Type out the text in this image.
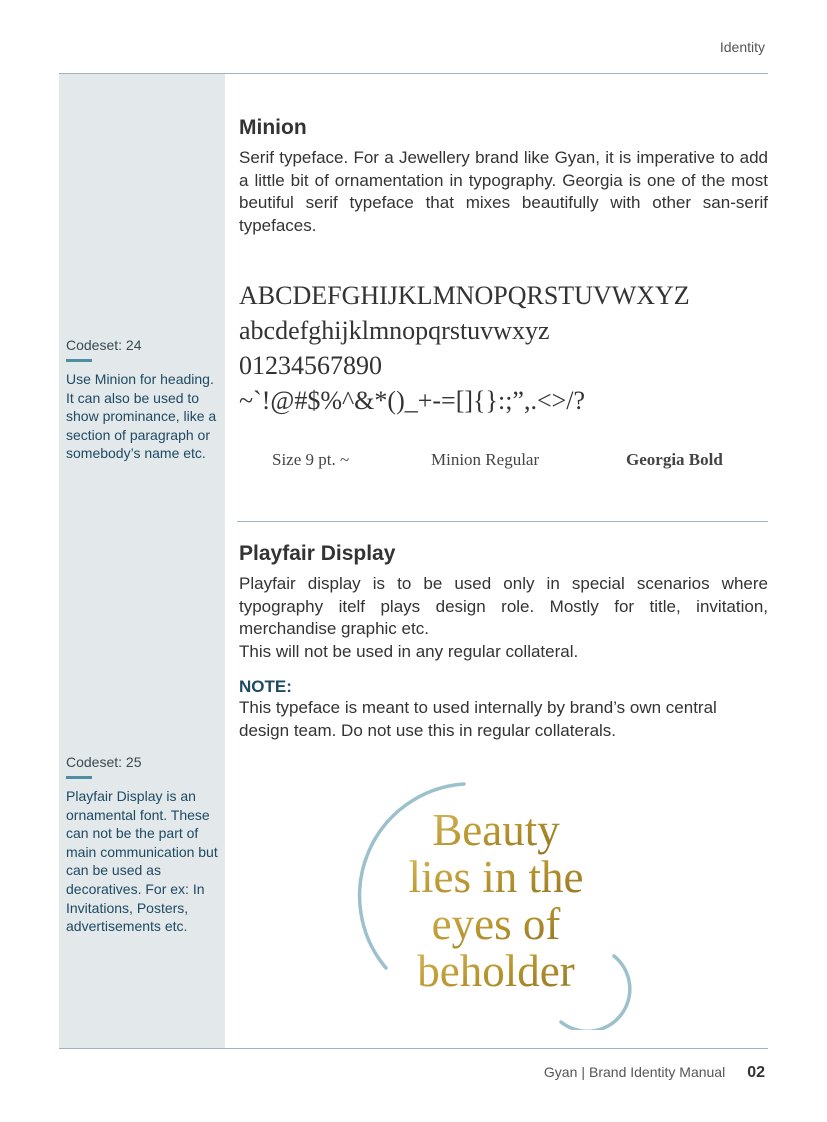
Identity
Codeset: 24
Use Minion for heading. It can also be used to show prominance, like a section of paragraph or somebody’s name etc.
Codeset: 25
Playfair Display is an ornamental font. These can not be the part of main communication but can be used as decoratives. For ex: In Invitations, Posters, advertisements etc.
Minion
Serif typeface. For a Jewellery brand like Gyan, it is imperative to add a little bit of ornamentation in typography. Georgia is one of the most beutiful serif typeface that mixes beautifully with other san-serif typefaces.
ABCDEFGHIJKLMNOPQRSTUVWXYZ
abcdefghijklmnopqrstuvwxyz
01234567890
~`!@#$%^&*()_+-=[]{}:;”,.<>/?
Size 9 pt. ~	Minion Regular	Georgia Bold
Playfair Display
Playfair display is to be used only in special scenarios where typography itelf plays design role. Mostly for title, invitation, merchandise graphic etc.
This will not be used in any regular collateral.
NOTE:
This typeface is meant to used internally by brand’s own central design team. Do not use this in regular collaterals.
Beauty
lies in the
eyes of
beholder
Gyan | Brand Identity Manual 02
